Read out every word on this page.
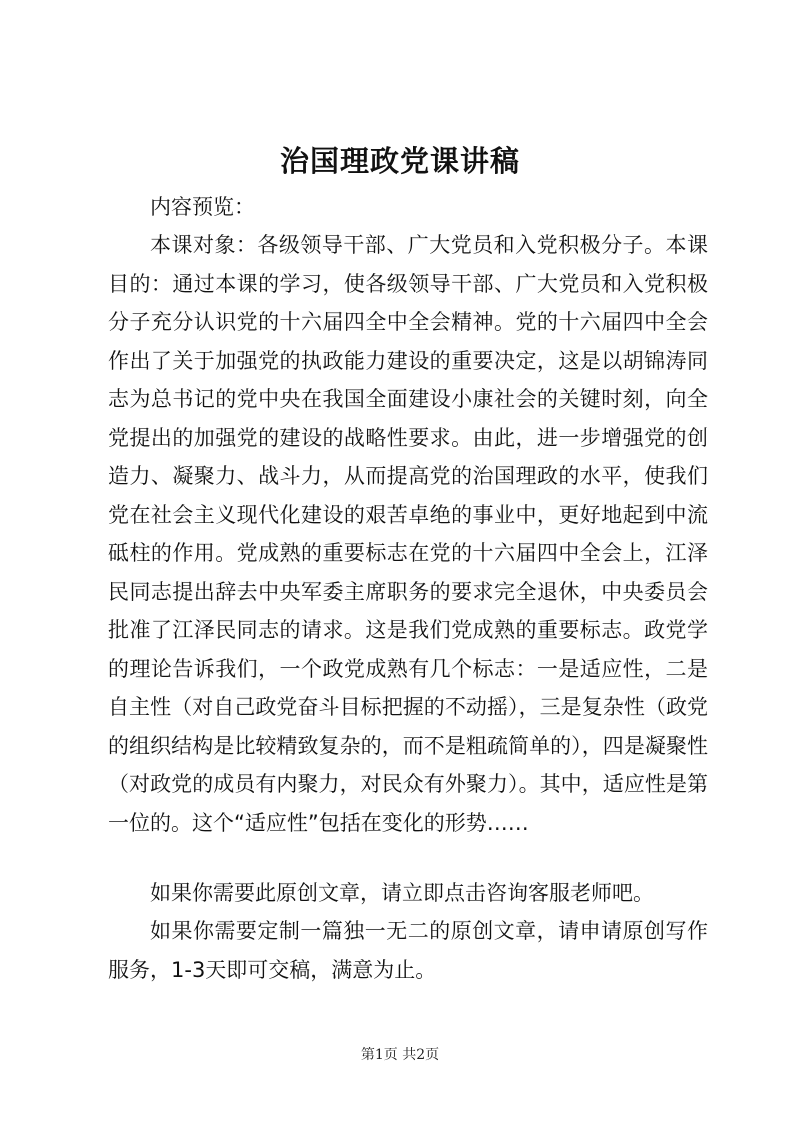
治国理政党课讲稿

内容预览：

本课对象：各级领导干部、广大党员和入党积极分子。本课目的：通过本课的学习，使各级领导干部、广大党员和入党积极分子充分认识党的十六届四全中全会精神。党的十六届四中全会作出了关于加强党的执政能力建设的重要决定，这是以胡锦涛同志为总书记的党中央在我国全面建设小康社会的关键时刻，向全党提出的加强党的建设的战略性要求。由此，进一步增强党的创造力、凝聚力、战斗力，从而提高党的治国理政的水平，使我们党在社会主义现代化建设的艰苦卓绝的事业中，更好地起到中流砥柱的作用。党成熟的重要标志在党的十六届四中全会上，江泽民同志提出辞去中央军委主席职务的要求完全退休，中央委员会批准了江泽民同志的请求。这是我们党成熟的重要标志。政党学的理论告诉我们，一个政党成熟有几个标志：一是适应性，二是自主性（对自己政党奋斗目标把握的不动摇），三是复杂性（政党的组织结构是比较精致复杂的，而不是粗疏简单的），四是凝聚性（对政党的成员有内聚力，对民众有外聚力）。其中，适应性是第一位的。这个“适应性”包括在变化的形势……

如果你需要此原创文章，请立即点击咨询客服老师吧。

如果你需要定制一篇独一无二的原创文章，请申请原创写作服务，1-3天即可交稿，满意为止。

第1页 共2页
